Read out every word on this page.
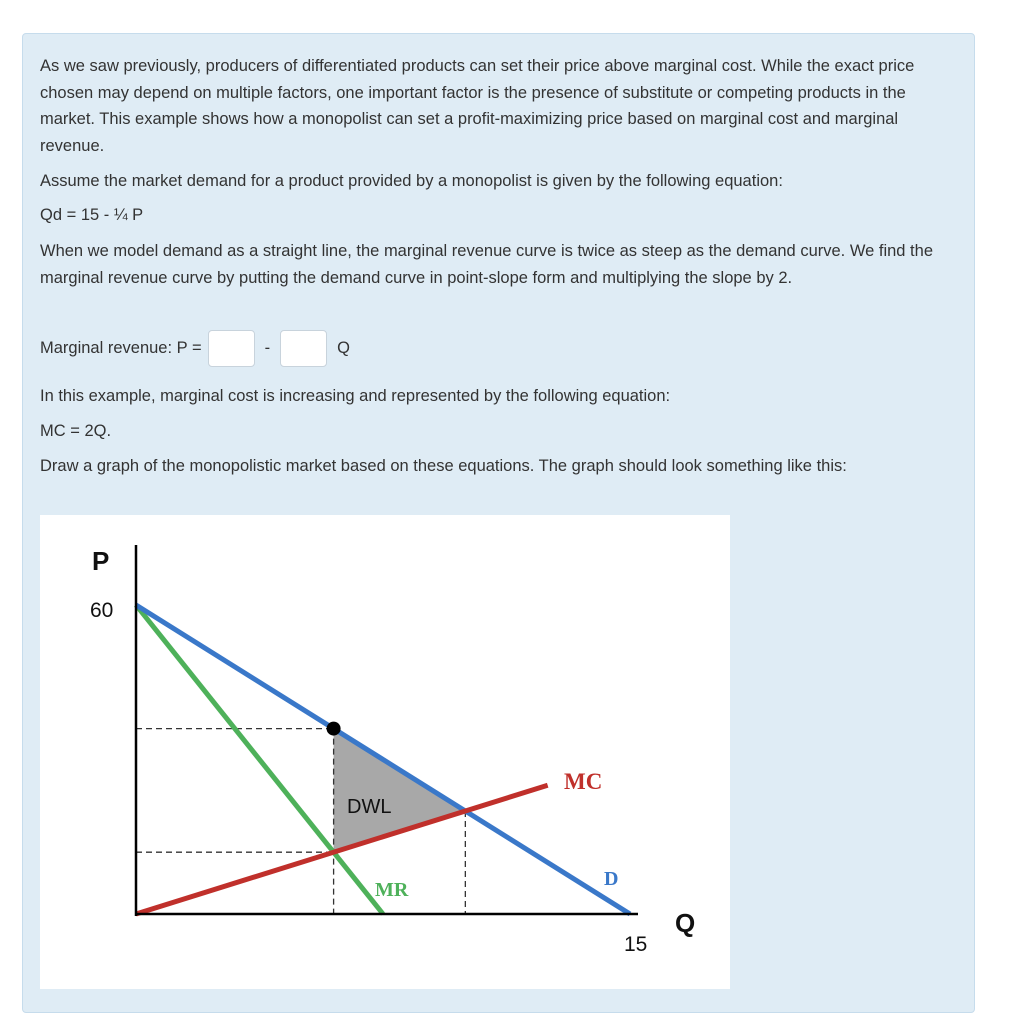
As we saw previously, producers of differentiated products can set their price above marginal cost. While the exact price chosen may depend on multiple factors, one important factor is the presence of substitute or competing products in the market. This example shows how a monopolist can set a profit-maximizing price based on marginal cost and marginal revenue.

Assume the market demand for a product provided by a monopolist is given by the following equation:

Qd = 15 - ¼ P

When we model demand as a straight line, the marginal revenue curve is twice as steep as the demand curve. We find the marginal revenue curve by putting the demand curve in point-slope form and multiplying the slope by 2.

Marginal revenue: P =	-	Q

In this example, marginal cost is increasing and represented by the following equation:

MC = 2Q.

Draw a graph of the monopolistic market based on these equations. The graph should look something like this:

P
60
Q
15
DWL
MC
D
MR
